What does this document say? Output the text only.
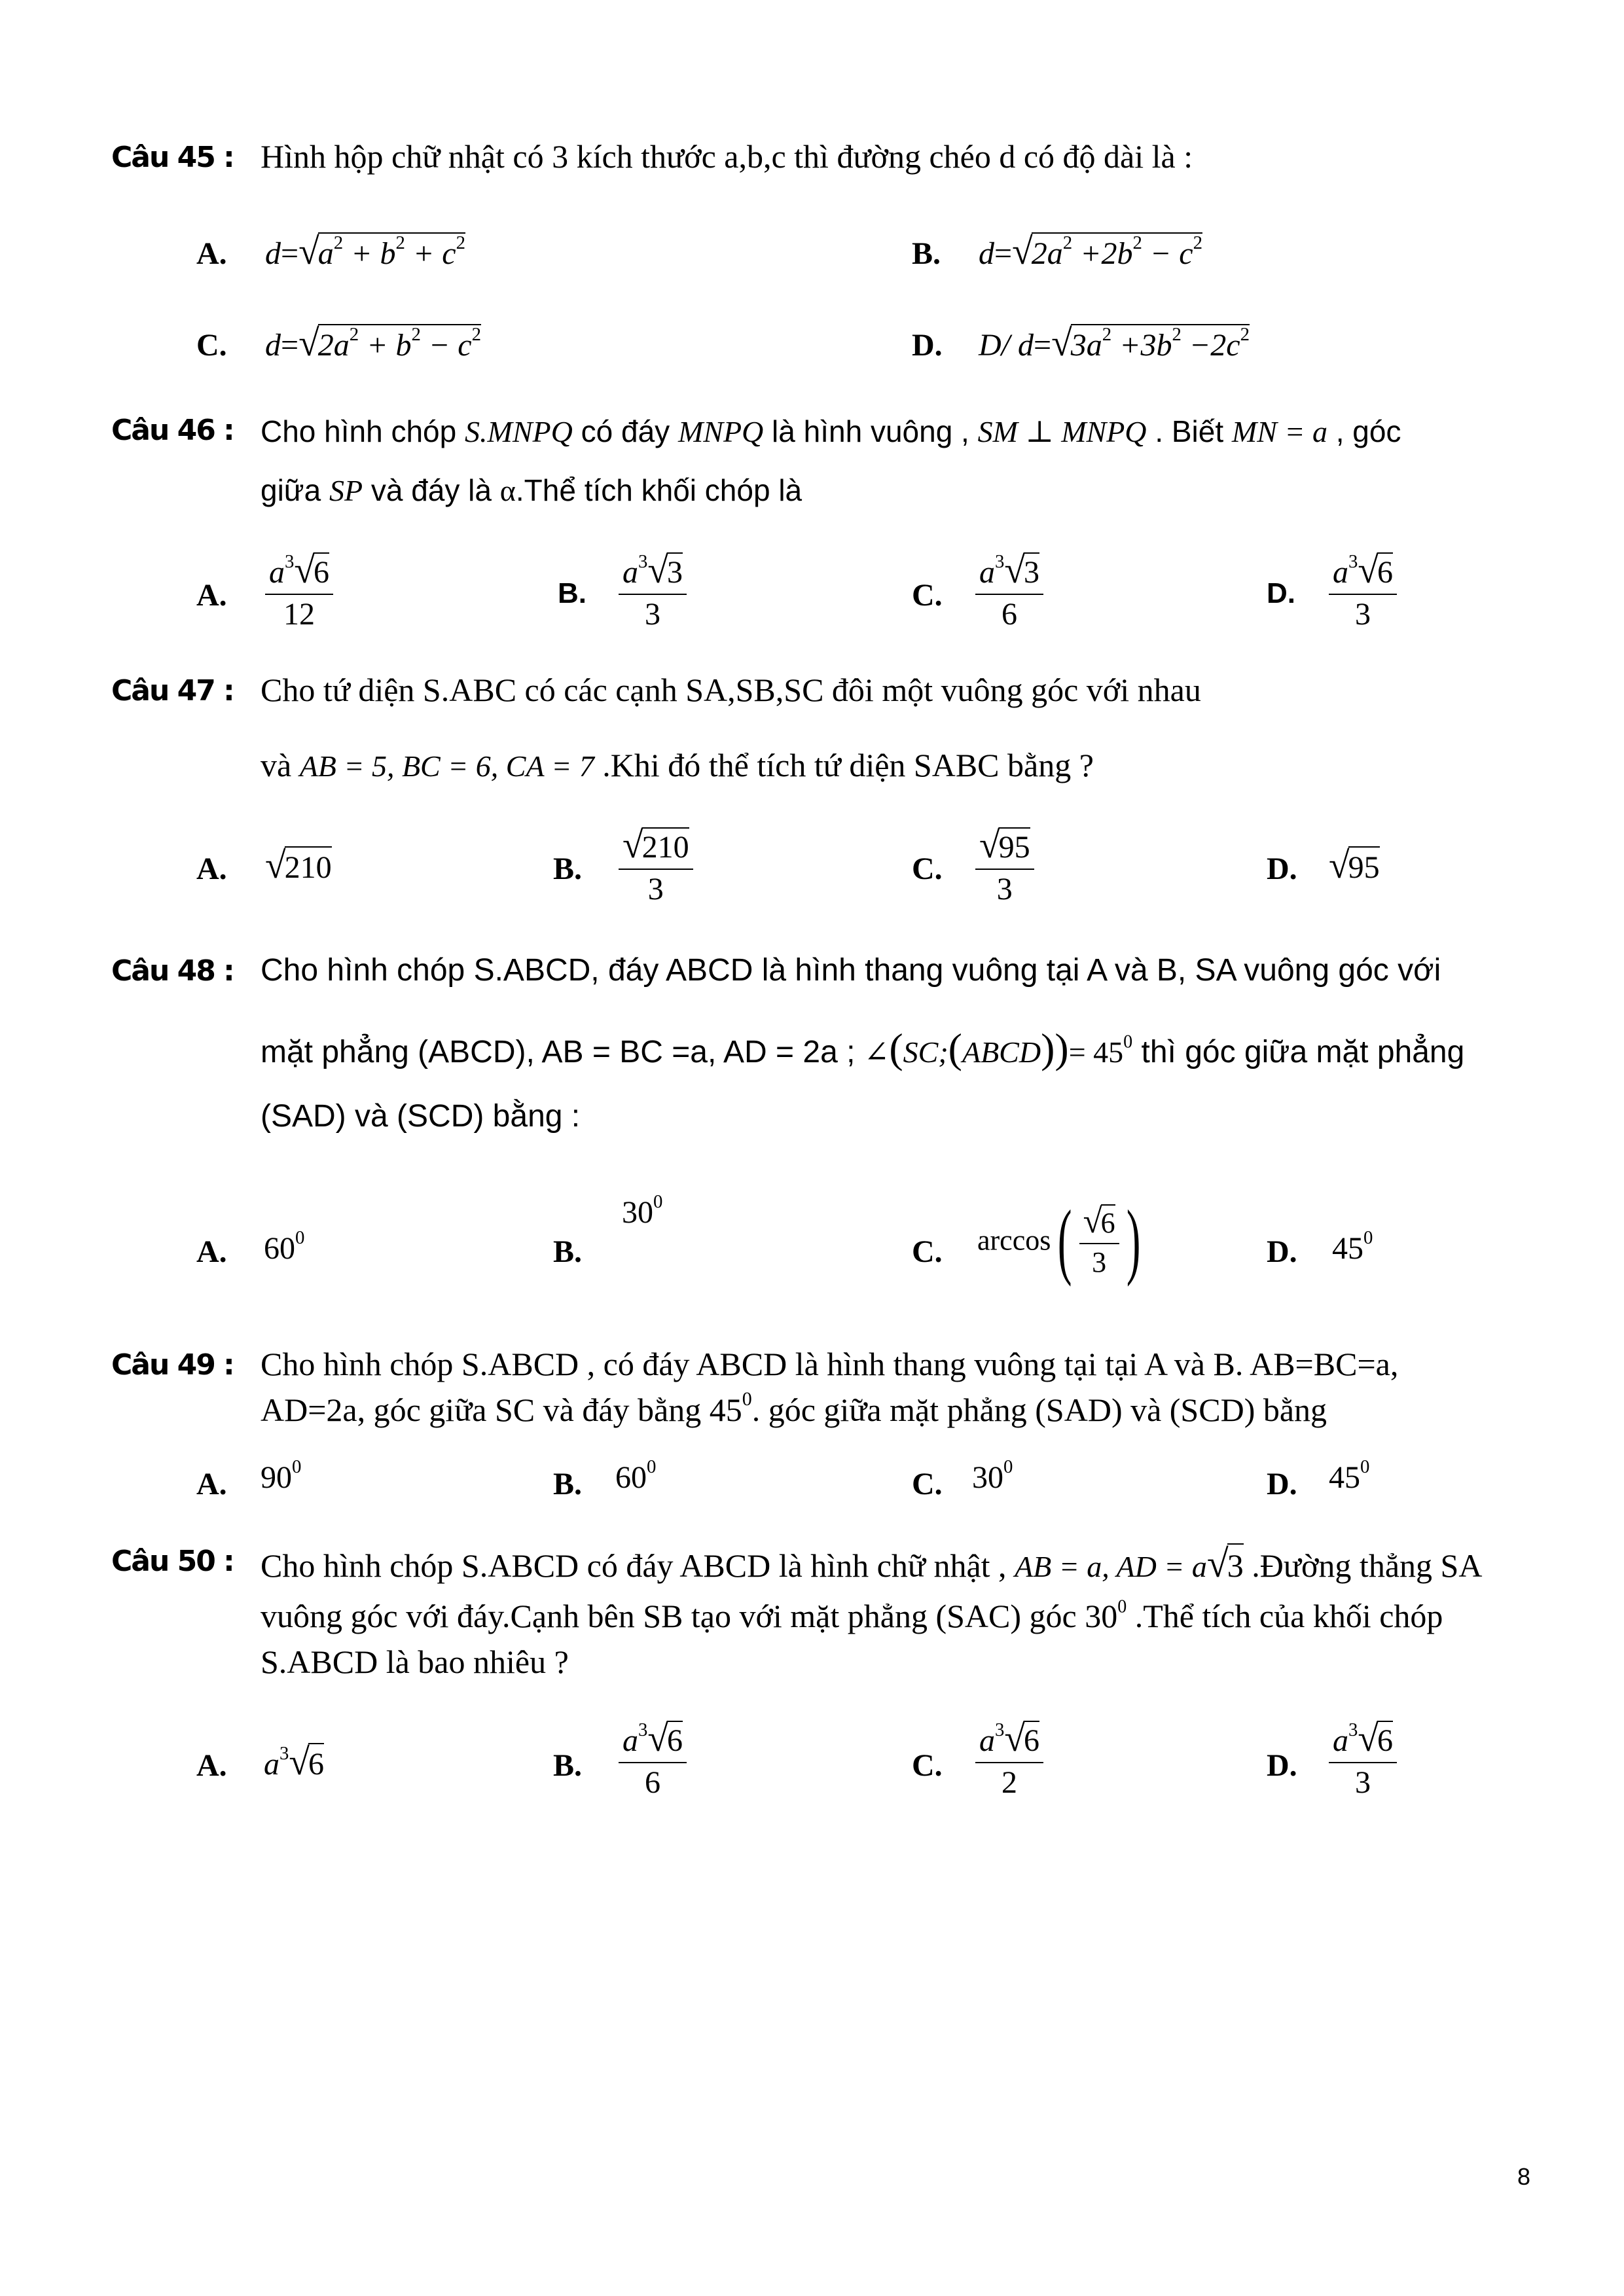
Câu 45 : Hình hộp chữ nhật có 3 kích thước a,b,c thì đường chéo d có độ dài là :
A. $d=√a^2 + b^2 + c^2$	B. $d=√2a^2 +2b^2 - c^2$
C. $d=√2a^2 + b^2 - c^2$	D. D/ $d=√3a^2 +3b^2 -2c^2$
Câu 46 : Cho hình chóp S.MNPQ có đáy MNPQ là hình vuông , SM ⊥ MNPQ . Biết MN = a , góc
giữa SP và đáy là α.Thể tích khối chóp là
A. $\frac{a^3√6}{12}$	B. $\frac{a^3√3}{3}$	C. $\frac{a^3√3}{6}$	D. $\frac{a^3√6}{3}$
Câu 47 : Cho tứ diện S.ABC có các cạnh SA,SB,SC đôi một vuông góc với nhau
và AB = 5, BC = 6, CA = 7 .Khi đó thể tích tứ diện SABC bằng ?
A. √210	B. $\frac{√210}{3}$	C. $\frac{√95}{3}$	D. √95
Câu 48 : Cho hình chóp S.ABCD, đáy ABCD là hình thang vuông tại A và B, SA vuông góc với
mặt phẳng (ABCD), AB = BC =a, AD = 2a ; ∠(SC;(ABCD))= $45^0$ thì góc giữa mặt phẳng
(SAD) và (SCD) bằng :
A. $60^0$	B.
$30^0$
C. $\arccos( \frac{√6}{3}$ )	D. $45^0$
Câu 49 : Cho hình chóp S.ABCD , có đáy ABCD là hình thang vuông tại tại A và B. AB=BC=a,
AD=2a, góc giữa SC và đáy bằng $45^0$. góc giữa mặt phẳng (SAD) và (SCD) bằng
A. $90^0$
B. $60^0$
C. $30^0$
D. $45^0$
Câu 50 : Cho hình chóp S.ABCD có đáy ABCD là hình chữ nhật , AB = a, AD = a√3 .Đường thẳng SA
vuông góc với đáy.Cạnh bên SB tạo với mặt phẳng (SAC) góc $30^0$ .Thể tích của khối chóp
S.ABCD là bao nhiêu ?
A. $a^3√6$	B. $\frac{a^3√6}{6}$	C. $\frac{a^3√6}{2}$	D. $\frac{a^3√6}{3}$
8
